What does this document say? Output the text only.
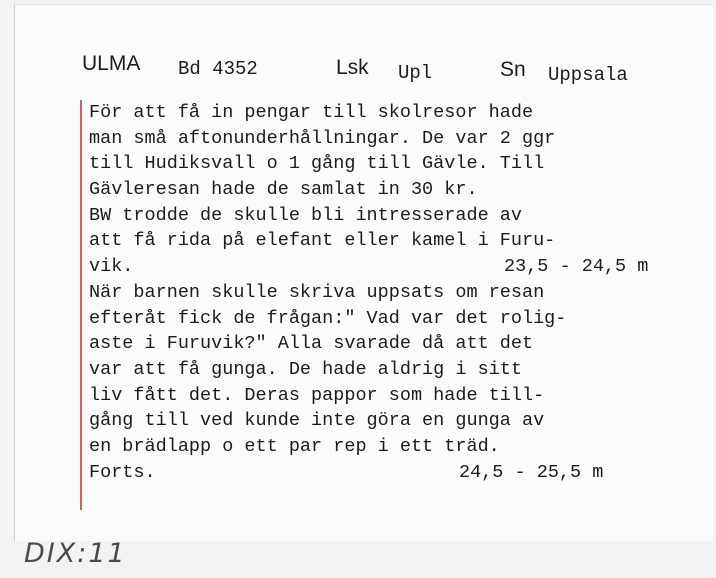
ULMA Bd 4352	Lsk Upl	Sn Uppsala
För att få in pengar till skolresor hade
man små aftonunderhållningar. De var 2 ggr
till Hudiksvall o 1 gång till Gävle. Till
Gävleresan hade de samlat in 30 kr.
BW trodde de skulle bli intresserade av
att få rida på elefant eller kamel i Furu-
vik.	23,5 - 24,5 m
När barnen skulle skriva uppsats om resan
efteråt fick de frågan:" Vad var det rolig-
aste i Furuvik?" Alla svarade då att det
var att få gunga. De hade aldrig i sitt
liv fått det. Deras pappor som hade till-
gång till ved kunde inte göra en gunga av
en brädlapp o ett par rep i ett träd.
Forts.	24,5 - 25,5 m
DIX:11
